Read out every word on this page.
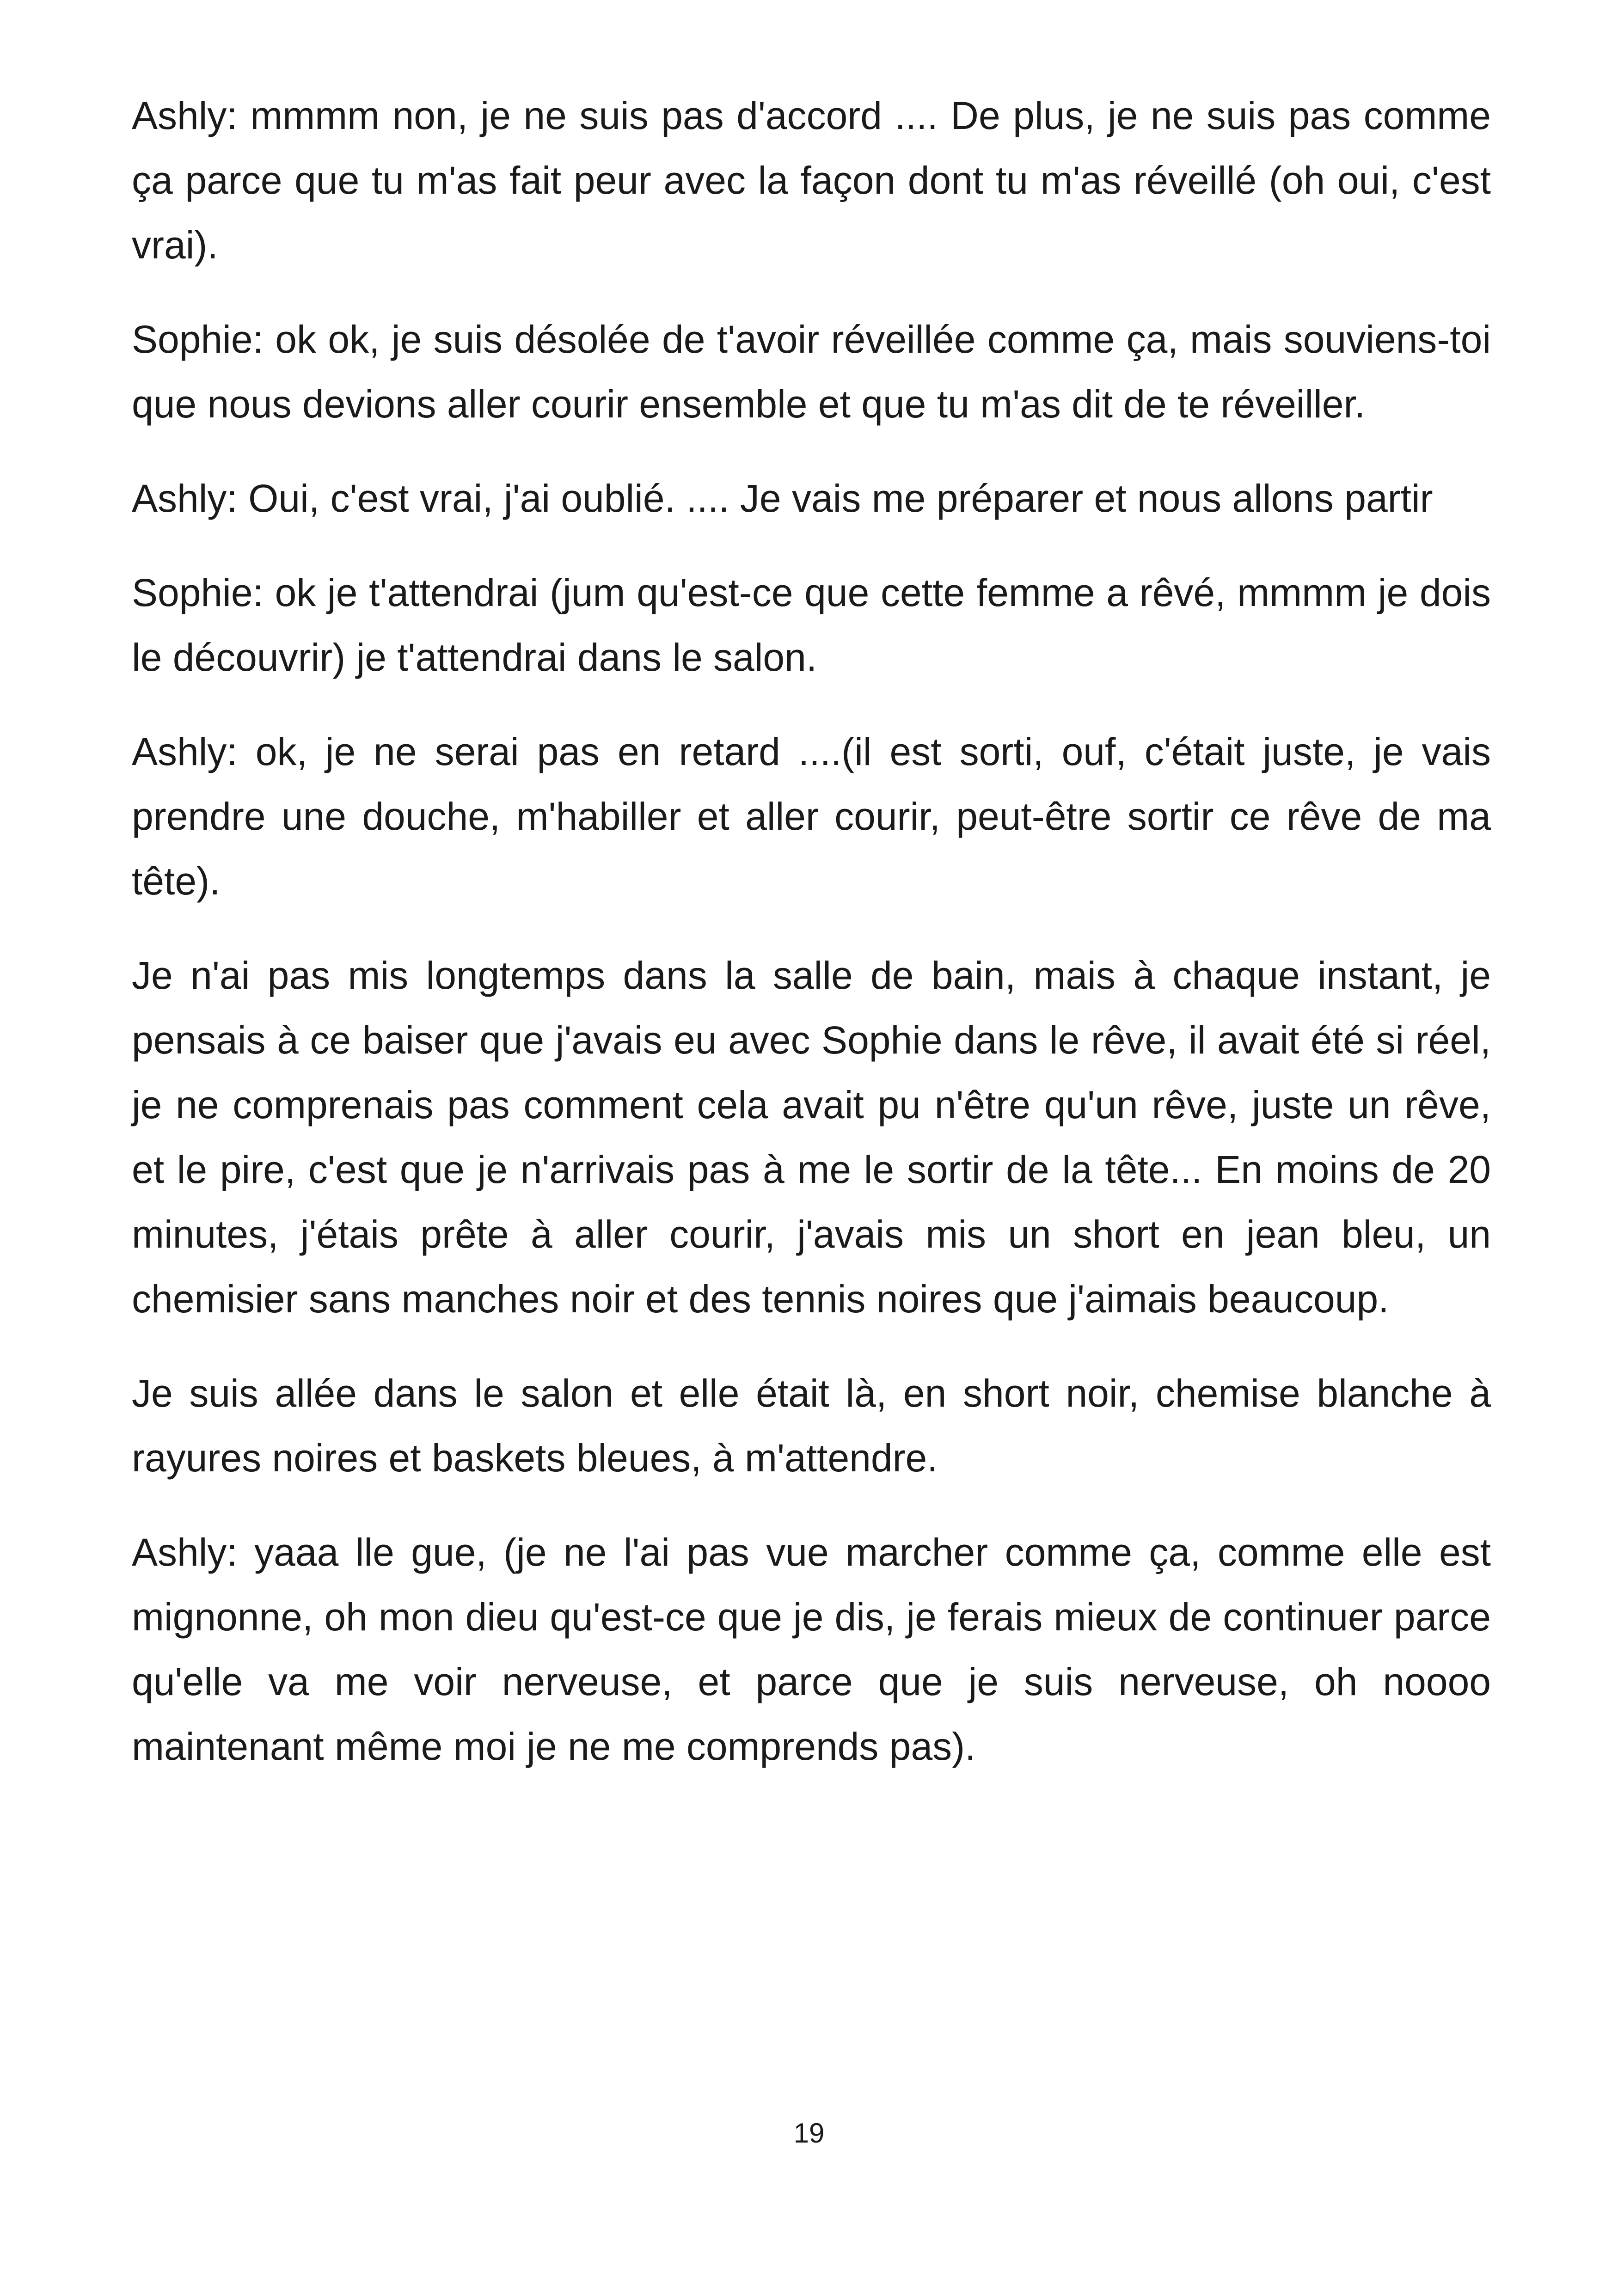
Ashly: mmmm non, je ne suis pas d'accord .... De plus, je ne suis pas comme ça parce que tu m'as fait peur avec la façon dont tu m'as réveillé (oh oui, c'est vrai).

Sophie: ok ok, je suis désolée de t'avoir réveillée comme ça, mais souviens-toi que nous devions aller courir ensemble et que tu m'as dit de te réveiller.

Ashly: Oui, c'est vrai, j'ai oublié. .... Je vais me préparer et nous allons partir

Sophie: ok je t'attendrai (jum qu'est-ce que cette femme a rêvé, mmmm je dois le découvrir) je t'attendrai dans le salon.

Ashly: ok, je ne serai pas en retard ....(il est sorti, ouf, c'était juste, je vais prendre une douche, m'habiller et aller courir, peut-être sortir ce rêve de ma tête).

Je n'ai pas mis longtemps dans la salle de bain, mais à chaque instant, je pensais à ce baiser que j'avais eu avec Sophie dans le rêve, il avait été si réel, je ne comprenais pas comment cela avait pu n'être qu'un rêve, juste un rêve, et le pire, c'est que je n'arrivais pas à me le sortir de la tête... En moins de 20 minutes, j'étais prête à aller courir, j'avais mis un short en jean bleu, un chemisier sans manches noir et des tennis noires que j'aimais beaucoup.

Je suis allée dans le salon et elle était là, en short noir, chemise blanche à rayures noires et baskets bleues, à m'attendre.

Ashly: yaaa lle gue, (je ne l'ai pas vue marcher comme ça, comme elle est mignonne, oh mon dieu qu'est-ce que je dis, je ferais mieux de continuer parce qu'elle va me voir nerveuse, et parce que je suis nerveuse, oh noooo maintenant même moi je ne me comprends pas).

19
